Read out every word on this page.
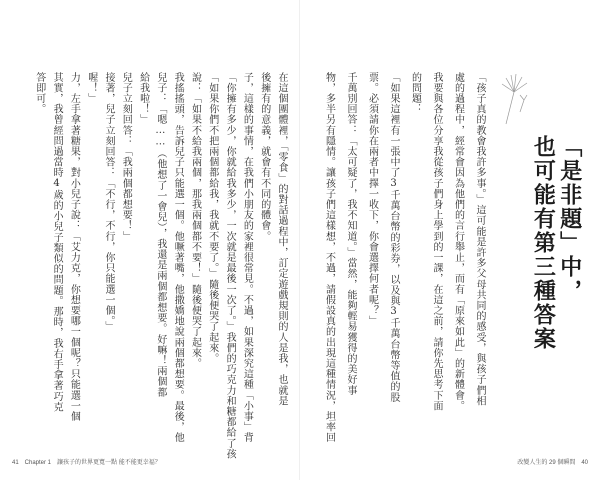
在這個團體裡，「零食」的對話過程中，訂定遊戲規則的人是我，也就是
後擁有的意義，就會有不同的體會。
子，這樣的事情，在我們小朋友的家裡很常見。不過，如果深究這種「小事」背
「你擁有多少，你就給我多少，一次就是最後一次了。」我們的巧克力和糖都給了孩
「如果你們不把兩個都給我，我就不要了。」隨後便哭了起來。
說：「如果不給我兩個，那我兩個都不要！」隨後便哭了起來。
我搖搖頭，告訴兒子只能選一個。他噘著嘴，他撒嬌地說兩個都想要。最後，他
兒子：「嗯……（他想了一會兒），我還是兩個都想要。好嘛！兩個都
給我啦！」
兒子立刻回答：「我兩個都想要！」
接著，兒子立刻回答：「不行，不行，你只能選一個。」
喔！」
力，左手拿著糖果，對小兒子說：「艾力克，你想要哪一個呢？只能選一個
其實，我曾經問過當時4歲的小兒子類似的問題。那時，我右手拿著巧克
答即可。
41　Chapter 1　讓孩子的世界更寬一點 能不能更幸福？
「孩子真的教會我許多事。」這可能是許多父母共同的感受，與孩子們相
處的過程中，經常會因為他們的言行舉止，而有「原來如此」的新體會。
我要與各位分享我從孩子們身上學到的一課，在這之前，請你先思考下面
的問題：
「如果這裡有一張中了3千萬台幣的彩券，以及與3千萬台幣等值的股
票。必須請你在兩者中擇一收下，你會選擇何者呢？」
千萬別回答：「太可疑了，我不知道。」當然，能夠輕易獲得的美好事
物，多半另有隱情。讓孩子們這樣想，不過，請假設真的出現這種情況，坦率回	「是非題」中，
也可能有第三種答案
改變人生的 29 個瞬間　40
